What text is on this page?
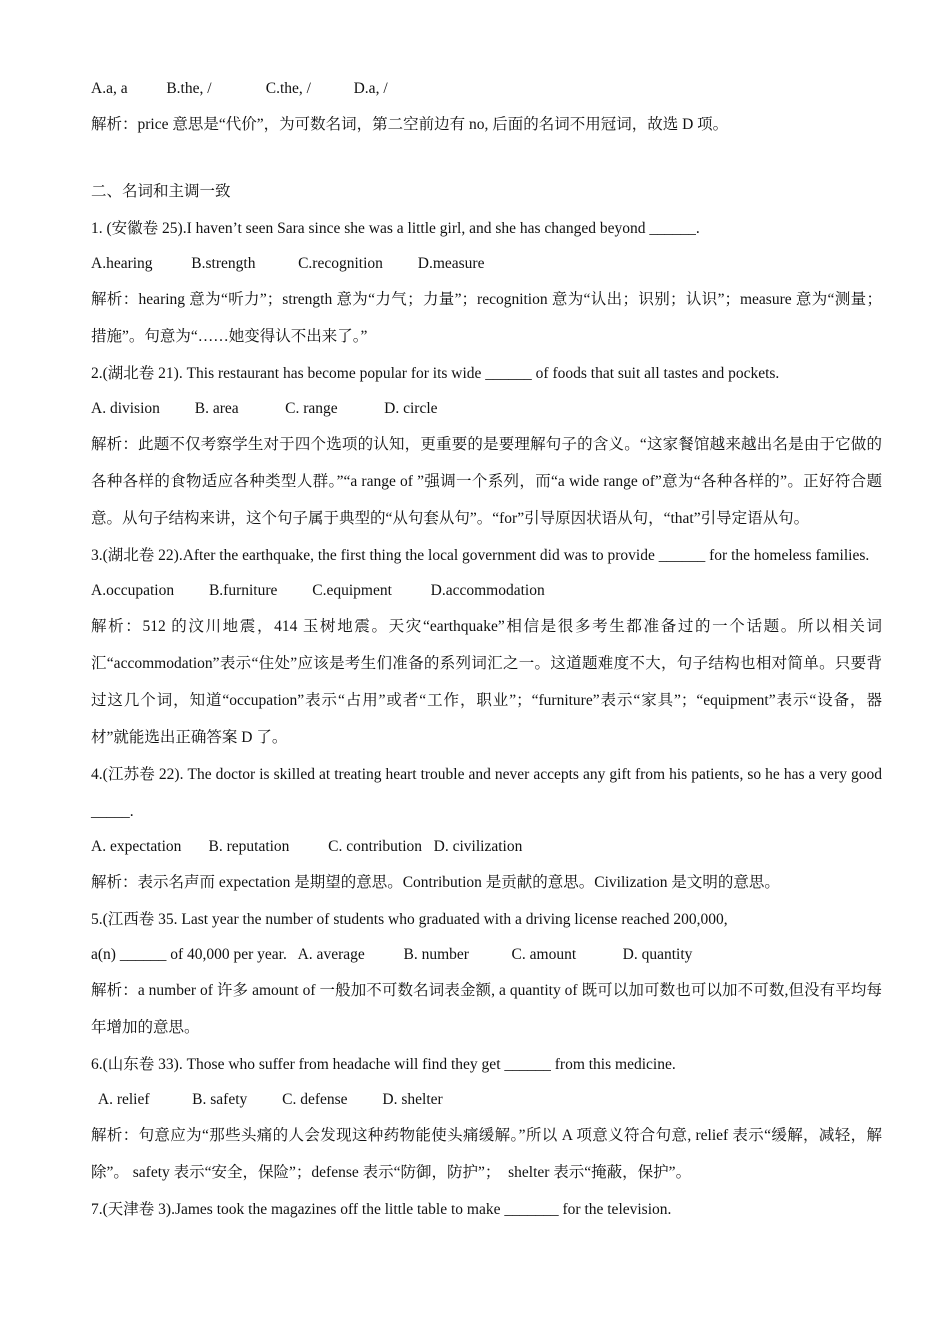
A.a, a          B.the, /              C.the, /           D.a, /

解析：price 意思是“代价”，为可数名词，第二空前边有 no, 后面的名词不用冠词，故选 D 项。

二、名词和主调一致

1. (安徽卷 25).I haven’t seen Sara since she was a little girl, and she has changed beyond ______.

A.hearing          B.strength           C.recognition         D.measure

解析：hearing 意为“听力”；strength 意为“力气；力量”；recognition 意为“认出；识别；认识”；measure 意为“测量；措施”。句意为“……她变得认不出来了。”

2.(湖北卷 21). This restaurant has become popular for its wide ______ of foods that suit all tastes and pockets.

A. division         B. area            C. range            D. circle

解析：此题不仅考察学生对于四个选项的认知，更重要的是要理解句子的含义。“这家餐馆越来越出名是由于它做的各种各样的食物适应各种类型人群。”“a range of ”强调一个系列，而“a wide range of”意为“各种各样的”。正好符合题意。从句子结构来讲，这个句子属于典型的“从句套从句”。“for”引导原因状语从句，“that”引导定语从句。

3.(湖北卷 22).After the earthquake, the first thing the local government did was to provide ______ for the homeless families.

A.occupation         B.furniture         C.equipment          D.accommodation

解析：512 的汶川地震，414 玉树地震。天灾“earthquake”相信是很多考生都准备过的一个话题。所以相关词汇“accommodation”表示“住处”应该是考生们准备的系列词汇之一。这道题难度不大，句子结构也相对简单。只要背过这几个词，知道“occupation”表示“占用”或者“工作，职业”；“furniture”表示“家具”；“equipment”表示“设备，器材”就能选出正确答案 D 了。

4.(江苏卷 22). The doctor is skilled at treating heart trouble and never accepts any gift from his patients, so he has a very good _____.

A. expectation       B. reputation          C. contribution   D. civilization

解析：表示名声而 expectation 是期望的意思。Contribution 是贡献的意思。Civilization 是文明的意思。

5.(江西卷 35. Last year the number of students who graduated with a driving license reached 200,000,

a(n) ______ of 40,000 per year.   A. average          B. number           C. amount            D. quantity

解析：a number of 许多 amount of 一般加不可数名词表金额, a quantity of 既可以加可数也可以加不可数,但没有平均每年增加的意思。

6.(山东卷 33). Those who suffer from headache will find they get ______ from this medicine.

A. relief           B. safety         C. defense         D. shelter

解析：句意应为“那些头痛的人会发现这种药物能使头痛缓解。”所以 A 项意义符合句意, relief 表示“缓解，减轻，解除”。 safety 表示“安全，保险”；defense 表示“防御，防护”；  shelter 表示“掩蔽，保护”。

7.(天津卷 3).James took the magazines off the little table to make _______ for the television.
